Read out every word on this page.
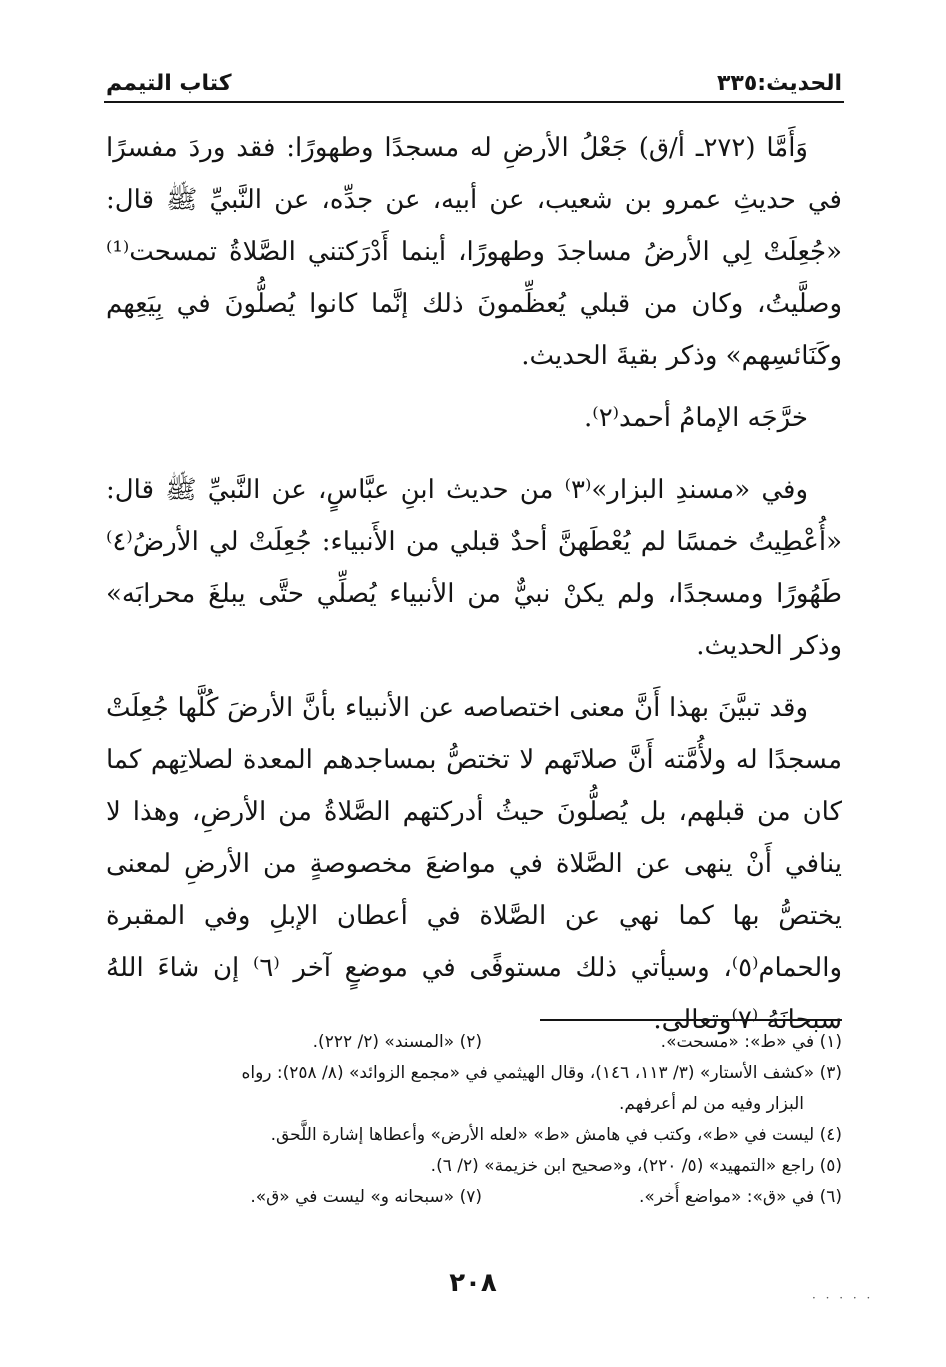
الحديث:٣٣٥
كتاب التيمم

وَأَمَّا (٢٧٢ـ أ/ق) جَعْلُ الأرضِ له مسجدًا وطهورًا: فقد وردَ مفسرًا في حديثِ عمرو بن شعيب، عن أبيه، عن جدِّه، عن النَّبيِّ ﷺ قال: «جُعِلَتْ لِي الأرضُ مساجدَ وطهورًا، أينما أَدْرَكتني الصَّلاةُ تمسحت⁽¹⁾ وصلَّيتُ، وكان من قبلي يُعظِّمونَ ذلك إنَّما كانوا يُصلُّونَ في بِيَعِهم وكَنَائسِهم» وذكر بقيةَ الحديث.

خرَّجَه الإمامُ أحمد⁽٢⁾.

وفي «مسندِ البزار»⁽٣⁾ من حديث ابنِ عبَّاسٍ، عن النَّبيِّ ﷺ قال: «أُعْطِيتُ خمسًا لم يُعْطَهنَّ أحدٌ قبلي من الأَنبياء: جُعِلَتْ لي الأرضُ⁽٤⁾ طَهُورًا ومسجدًا، ولم يكنْ نبيٌّ من الأنبياء يُصلِّي حتَّى يبلغَ محرابَه» وذكر الحديث.

وقد تبيَّنَ بهذا أَنَّ معنى اختصاصه عن الأنبياء بأنَّ الأرضَ كُلَّها جُعِلَتْ مسجدًا له ولأُمَّته أَنَّ صلاتَهم لا تختصُّ بمساجدهم المعدة لصلاتِهم كما كان من قبلهم، بل يُصلُّونَ حيثُ أدركتهم الصَّلاةُ من الأرضِ، وهذا لا ينافي أَنْ ينهى عن الصَّلاة في مواضعَ مخصوصةٍ من الأرضِ لمعنى يختصُّ بها كما نهي عن الصَّلاة في أعطان الإبلِ وفي المقبرة والحمام⁽٥⁾، وسيأتي ذلك مستوفًى في موضعٍ آخر ⁽٦⁾ إن شاءَ اللهُ سبحانَهُ ⁽٧⁾وتعالى.

(١) في «ط»: «مسحت».
(٢) «المسند» (٢/ ٢٢٢).
(٣) «كشف الأستار» (٣/ ١١٣، ١٤٦)، وقال الهيثمي في «مجمع الزوائد» (٨/ ٢٥٨): رواه
البزار وفيه من لم أعرفهم.
(٤) ليست في «ط»، وكتب في هامش «ط» «لعله الأرض» وأعطاها إشارة اللَّحق.
(٥) راجع «التمهيد» (٥/ ٢٢٠)، و«صحيح ابن خزيمة» (٢/ ٦).
(٦) في «ق»: «مواضع أُخر».
(٧) «سبحانه و» ليست في «ق».
٢٠٨	· · · · ·
